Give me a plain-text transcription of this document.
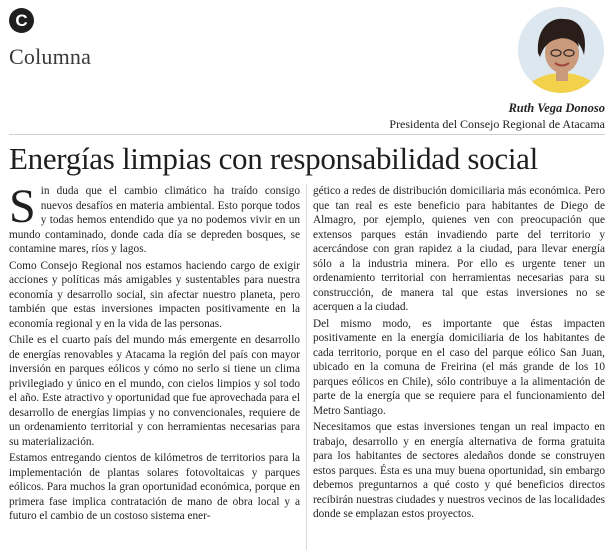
C
Columna
Ruth Vega Donoso
Presidenta del Consejo Regional de Atacama
Energías limpias con responsabilidad social

Sin duda que el cambio climático ha traído consigo nuevos desafíos en materia ambiental. Esto porque todos y todas hemos entendido que ya no podemos vivir en un mundo contaminado, donde cada día se depreden bosques, se contamine mares, ríos y lagos.

Como Consejo Regional nos estamos haciendo cargo de exigir acciones y políticas más amigables y sustentables para nuestra economía y desarrollo social, sin afectar nuestro planeta, pero también que estas inversiones impacten positivamente en la economía regional y en la vida de las personas.

Chile es el cuarto país del mundo más emergente en desarrollo de energías renovables y Atacama la región del país con mayor inversión en parques eólicos y cómo no serlo si tiene un clima privilegiado y único en el mundo, con cielos limpios y sol todo el año. Este atractivo y oportunidad que fue aprovechada para el desarrollo de energías limpias y no convencionales, requiere de un ordenamiento territorial y con herramientas necesarias para su materialización.

Estamos entregando cientos de kilómetros de territorios para la implementación de plantas solares fotovoltaicas y parques eólicos. Para muchos la gran oportunidad económica, porque en primera fase implica contratación de mano de obra local y a futuro el cambio de un costoso sistema ener-

gético a redes de distribución domiciliaria más económica. Pero que tan real es este beneficio para habitantes de Diego de Almagro, por ejemplo, quienes ven con preocupación que extensos parques están invadiendo parte del territorio y acercándose con gran rapidez a la ciudad, para llevar energía sólo a la industria minera. Por ello es urgente tener un ordenamiento territorial con herramientas necesarias para su construcción, de manera tal que estas inversiones no se acerquen a la ciudad.

Del mismo modo, es importante que éstas impacten positivamente en la energía domiciliaria de los habitantes de cada territorio, porque en el caso del parque eólico San Juan, ubicado en la comuna de Freirina (el más grande de los 10 parques eólicos en Chile), sólo contribuye a la alimentación de parte de la energía que se requiere para el funcionamiento del Metro Santiago.

Necesitamos que estas inversiones tengan un real impacto en trabajo, desarrollo y en energía alternativa de forma gratuita para los habitantes de sectores aledaños donde se construyen estos parques. Ésta es una muy buena oportunidad, sin embargo debemos preguntarnos a qué costo y qué beneficios directos recibirán nuestras ciudades y nuestros vecinos de las localidades donde se emplazan estos proyectos.
